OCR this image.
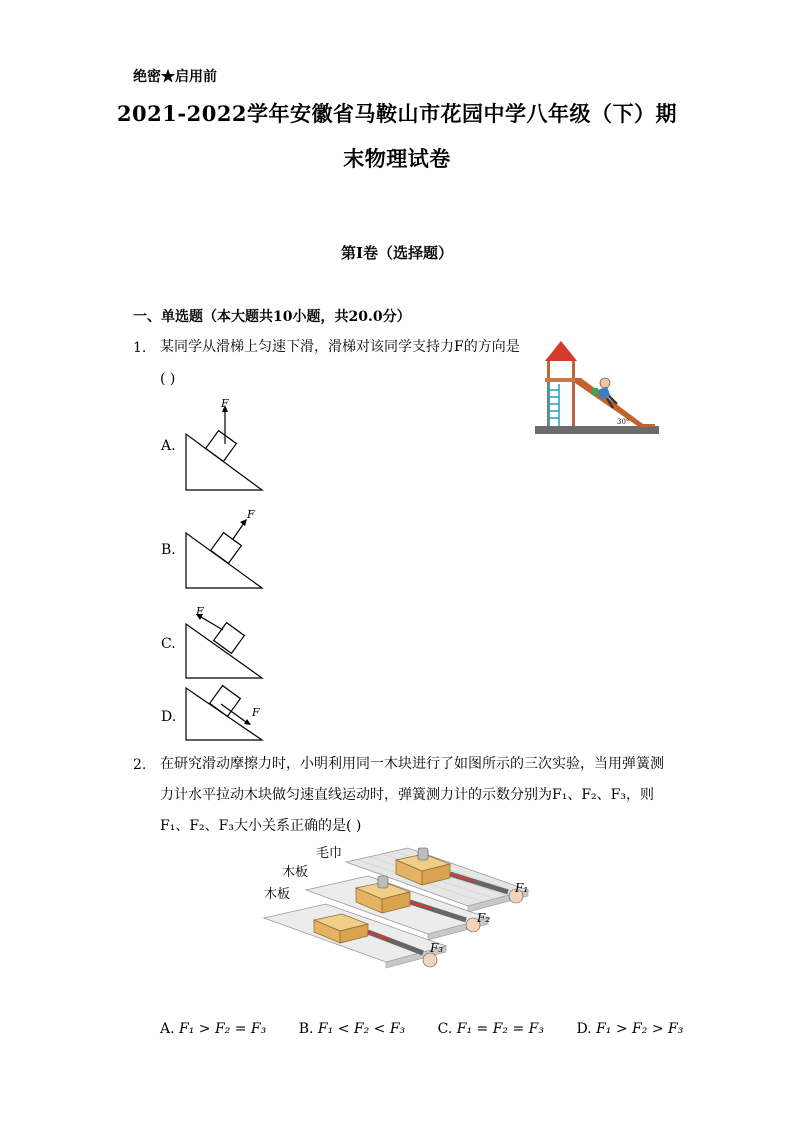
绝密★启用前
2021-2022学年安徽省马鞍山市花园中学八年级（下）期
末物理试卷
第I卷（选择题）
一、单选题（本大题共10小题，共20.0分）
1. 某同学从滑梯上匀速下滑，滑梯对该同学支持力F的方向是
( )
30°
A.
F
B.
F
C.
F
D.	F
2. 在研究滑动摩擦力时，小明利用同一木块进行了如图所示的三次实验，当用弹簧测
力计水平拉动木块做匀速直线运动时，弹簧测力计的示数分别为F₁、F₂、F₃，则
F₁、F₂、F₃大小关系正确的是( )
F₁
F₂
F₃
毛巾
木板
木板
A. F₁ > F₂ = F₃ B. F₁ < F₂ < F₃ C. F₁ = F₂ = F₃ D. F₁ > F₂ > F₃
